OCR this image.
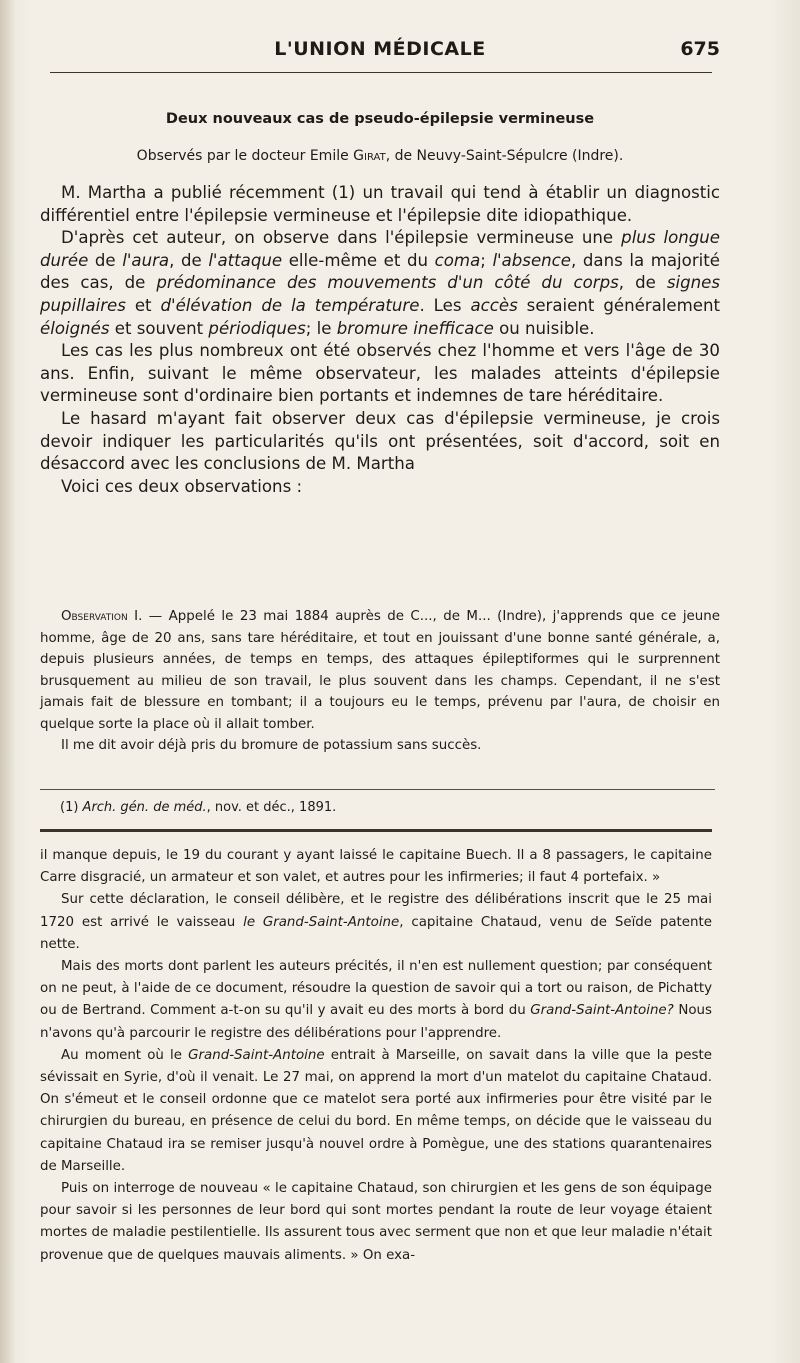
L'UNION MÉDICALE	675
Deux nouveaux cas de pseudo-épilepsie vermineuse
Observés par le docteur Emile Girat, de Neuvy-Saint-Sépulcre (Indre).

M. Martha a publié récemment (1) un travail qui tend à établir un diagnostic différentiel entre l'épilepsie vermineuse et l'épilepsie dite idiopathique.

D'après cet auteur, on observe dans l'épilepsie vermineuse une plus longue durée de l'aura, de l'attaque elle-même et du coma; l'absence, dans la majorité des cas, de prédominance des mouvements d'un côté du corps, de signes pupillaires et d'élévation de la température. Les accès seraient généralement éloignés et souvent périodiques; le bromure inefficace ou nuisible.

Les cas les plus nombreux ont été observés chez l'homme et vers l'âge de 30 ans. Enfin, suivant le même observateur, les malades atteints d'épilepsie vermineuse sont d'ordinaire bien portants et indemnes de tare héréditaire.

Le hasard m'ayant fait observer deux cas d'épilepsie vermineuse, je crois devoir indiquer les particularités qu'ils ont présentées, soit d'accord, soit en désaccord avec les conclusions de M. Martha

Voici ces deux observations :

Observation I. — Appelé le 23 mai 1884 auprès de C..., de M... (Indre), j'apprends que ce jeune homme, âge de 20 ans, sans tare héréditaire, et tout en jouissant d'une bonne santé générale, a, depuis plusieurs années, de temps en temps, des attaques épileptiformes qui le surprennent brusquement au milieu de son travail, le plus souvent dans les champs. Cependant, il ne s'est jamais fait de blessure en tombant; il a toujours eu le temps, prévenu par l'aura, de choisir en quelque sorte la place où il allait tomber.

Il me dit avoir déjà pris du bromure de potassium sans succès.

(1) Arch. gén. de méd., nov. et déc., 1891.

il manque depuis, le 19 du courant y ayant laissé le capitaine Buech. Il a 8 passagers, le capitaine Carre disgracié, un armateur et son valet, et autres pour les infirmeries; il faut 4 portefaix. »

Sur cette déclaration, le conseil délibère, et le registre des délibérations inscrit que le 25 mai 1720 est arrivé le vaisseau le Grand-Saint-Antoine, capitaine Chataud, venu de Seïde patente nette.

Mais des morts dont parlent les auteurs précités, il n'en est nullement question; par conséquent on ne peut, à l'aide de ce document, résoudre la question de savoir qui a tort ou raison, de Pichatty ou de Bertrand. Comment a-t-on su qu'il y avait eu des morts à bord du Grand-Saint-Antoine? Nous n'avons qu'à parcourir le registre des délibérations pour l'apprendre.

Au moment où le Grand-Saint-Antoine entrait à Marseille, on savait dans la ville que la peste sévissait en Syrie, d'où il venait. Le 27 mai, on apprend la mort d'un matelot du capitaine Chataud. On s'émeut et le conseil ordonne que ce matelot sera porté aux infirmeries pour être visité par le chirurgien du bureau, en présence de celui du bord. En même temps, on décide que le vaisseau du capitaine Chataud ira se remiser jusqu'à nouvel ordre à Pomègue, une des stations quarantenaires de Marseille.

Puis on interroge de nouveau « le capitaine Chataud, son chirurgien et les gens de son équipage pour savoir si les personnes de leur bord qui sont mortes pendant la route de leur voyage étaient mortes de maladie pestilentielle. Ils assurent tous avec serment que non et que leur maladie n'était provenue que de quelques mauvais aliments. » On exa-
